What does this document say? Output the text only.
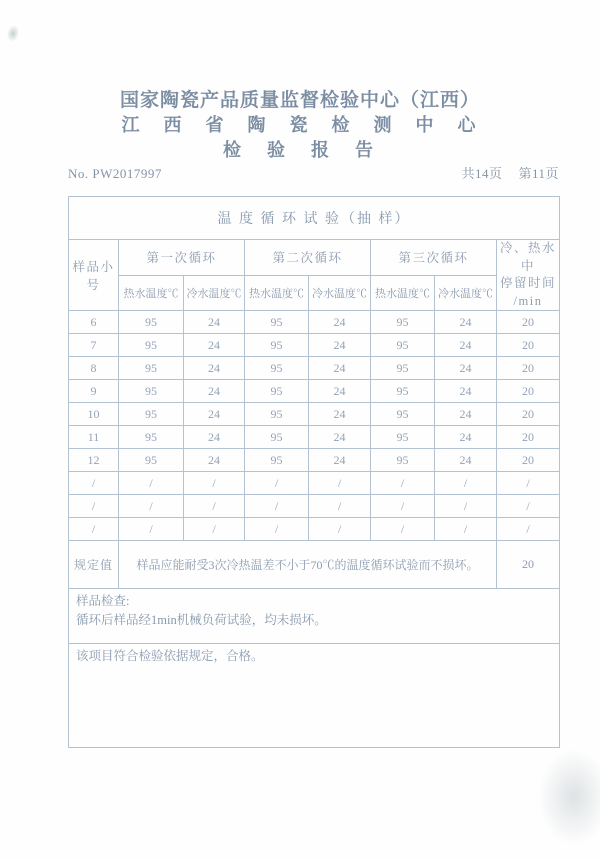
国家陶瓷产品质量监督检验中心（江西）
江　西　省　陶　瓷　检　测　中　心
检　验　报　告
No. PW2017997	共14页 第11页
温 度 循 环 试 验（抽 样）							
样品小号	第一次循环		第二次循环		第三次循环		冷、热水中
停留时间
/min

	热水温度℃	冷水温度℃	热水温度℃	冷水温度℃	热水温度℃	冷水温度℃	
6	95	24	95	24	95	24	20
7	95	24	95	24	95	24	20
8	95	24	95	24	95	24	20
9	95	24	95	24	95	24	20
10	95	24	95	24	95	24	20
11	95	24	95	24	95	24	20
12	95	24	95	24	95	24	20
/	/	/	/	/	/	/	/
/	/	/	/	/	/	/	/
/	/	/	/	/	/	/	/
规定值	样品应能耐受3次冷热温差不小于70℃的温度循环试验而不损坏。						20

样品检查:
循环后样品经1min机械负荷试验，均未损坏。							

该项目符合检验依据规定，合格。							
